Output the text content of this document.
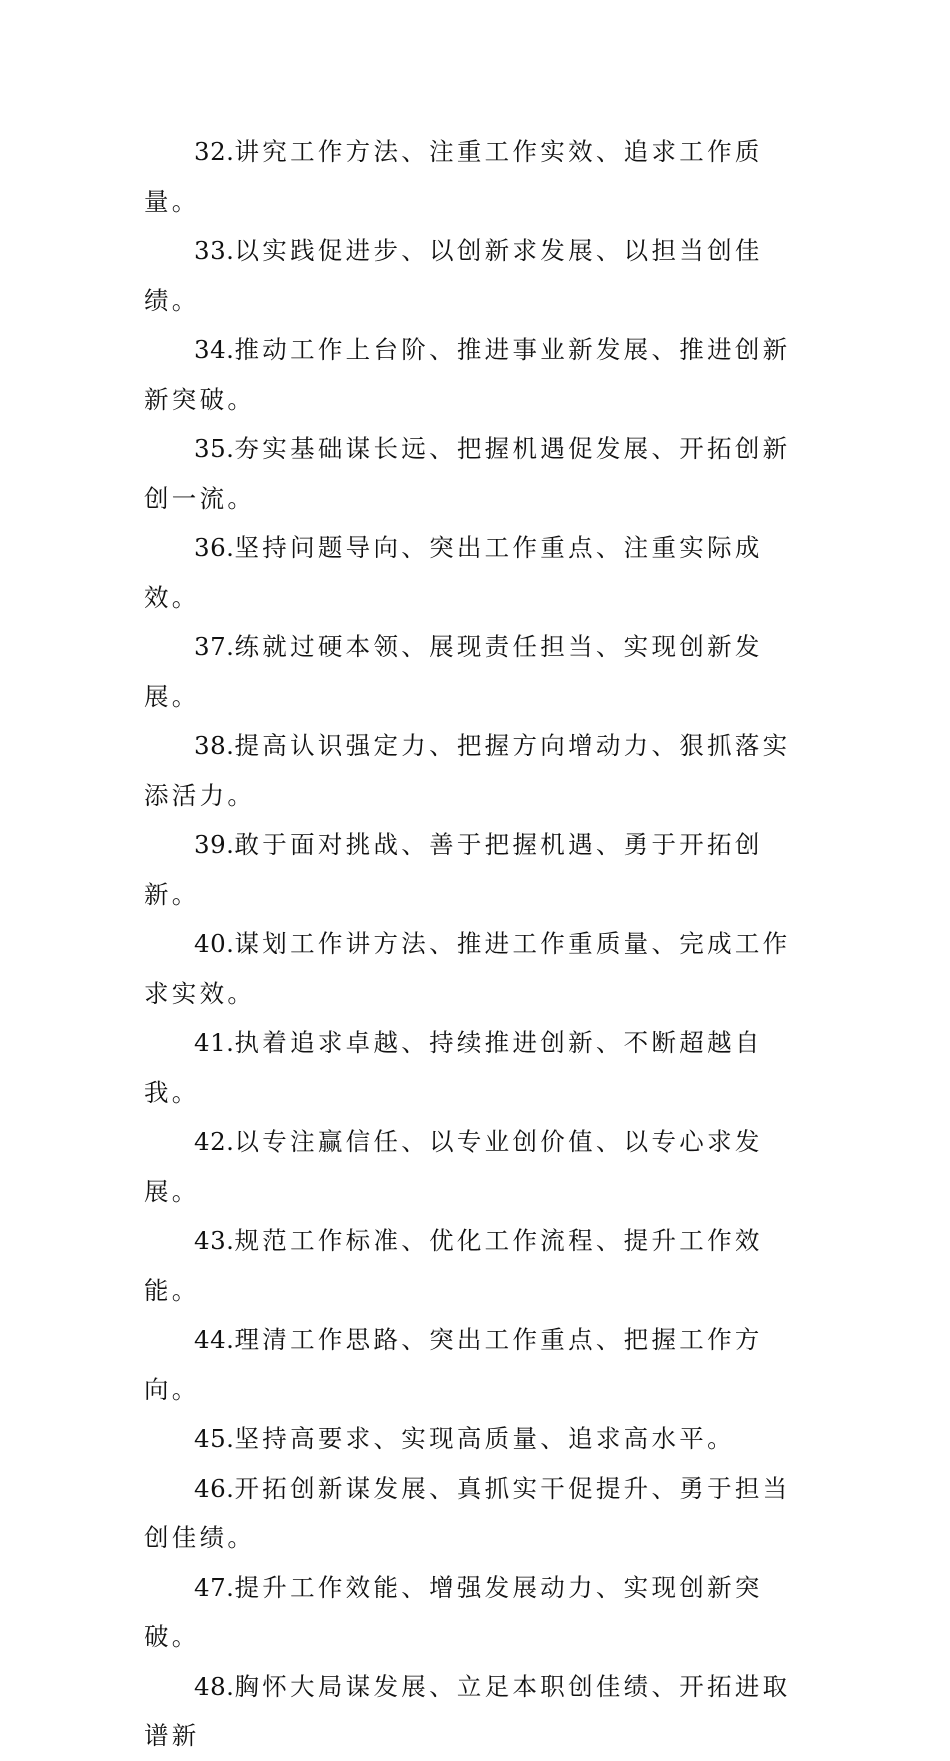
32.讲究工作方法、注重工作实效、追求工作质量。

33.以实践促进步、以创新求发展、以担当创佳绩。

34.推动工作上台阶、推进事业新发展、推进创新新突破。

35.夯实基础谋长远、把握机遇促发展、开拓创新创一流。

36.坚持问题导向、突出工作重点、注重实际成效。

37.练就过硬本领、展现责任担当、实现创新发展。

38.提高认识强定力、把握方向增动力、狠抓落实添活力。

39.敢于面对挑战、善于把握机遇、勇于开拓创新。

40.谋划工作讲方法、推进工作重质量、完成工作求实效。

41.执着追求卓越、持续推进创新、不断超越自我。

42.以专注赢信任、以专业创价值、以专心求发展。

43.规范工作标准、优化工作流程、提升工作效能。

44.理清工作思路、突出工作重点、把握工作方向。

45.坚持高要求、实现高质量、追求高水平。

46.开拓创新谋发展、真抓实干促提升、勇于担当创佳绩。

47.提升工作效能、增强发展动力、实现创新突破。

48.胸怀大局谋发展、立足本职创佳绩、开拓进取谱新
